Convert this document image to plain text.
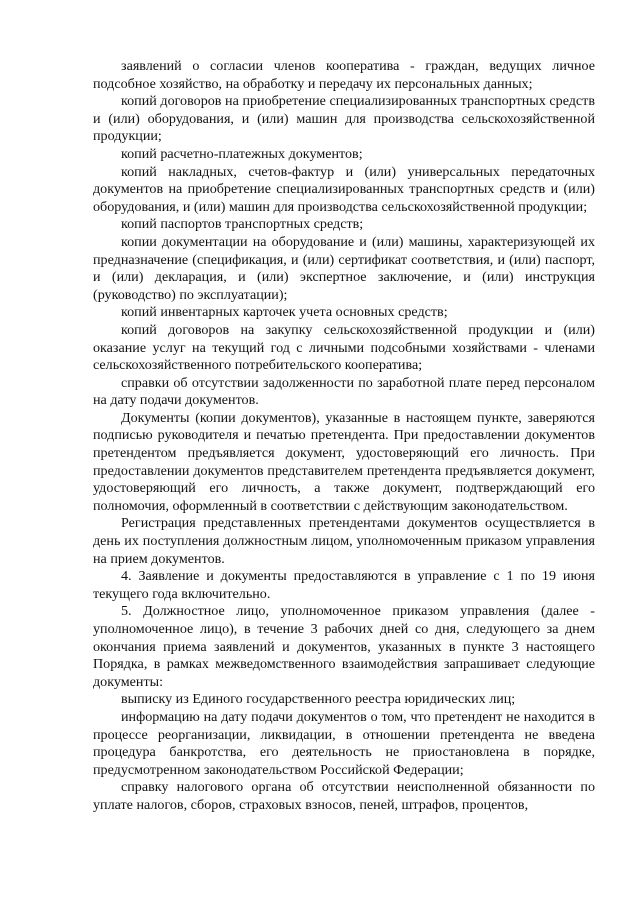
заявлений о согласии членов кооператива - граждан, ведущих личное подсобное хозяйство, на обработку и передачу их персональных данных;

копий договоров на приобретение специализированных транспортных средств и (или) оборудования, и (или) машин для производства сельскохозяйственной продукции;

копий расчетно-платежных документов;

копий накладных, счетов-фактур и (или) универсальных передаточных документов на приобретение специализированных транспортных средств и (или) оборудования, и (или) машин для производства сельскохозяйственной продукции;

копий паспортов транспортных средств;

копии документации на оборудование и (или) машины, характеризующей их предназначение (спецификация, и (или) сертификат соответствия, и (или) паспорт, и (или) декларация, и (или) экспертное заключение, и (или) инструкция (руководство) по эксплуатации);

копий инвентарных карточек учета основных средств;

копий договоров на закупку сельскохозяйственной продукции и (или) оказание услуг на текущий год с личными подсобными хозяйствами - членами сельскохозяйственного потребительского кооператива;

справки об отсутствии задолженности по заработной плате перед персоналом на дату подачи документов.

Документы (копии документов), указанные в настоящем пункте, заверяются подписью руководителя и печатью претендента. При предоставлении документов претендентом предъявляется документ, удостоверяющий его личность. При предоставлении документов представителем претендента предъявляется документ, удостоверяющий его личность, а также документ, подтверждающий его полномочия, оформленный в соответствии с действующим законодательством.

Регистрация представленных претендентами документов осуществляется в день их поступления должностным лицом, уполномоченным приказом управления на прием документов.

4. Заявление и документы предоставляются в управление с 1 по 19 июня текущего года включительно.

5. Должностное лицо, уполномоченное приказом управления (далее - уполномоченное лицо), в течение 3 рабочих дней со дня, следующего за днем окончания приема заявлений и документов, указанных в пункте 3 настоящего Порядка, в рамках межведомственного взаимодействия запрашивает следующие документы:

выписку из Единого государственного реестра юридических лиц;

информацию на дату подачи документов о том, что претендент не находится в процессе реорганизации, ликвидации, в отношении претендента не введена процедура банкротства, его деятельность не приостановлена в порядке, предусмотренном законодательством Российской Федерации;

справку налогового органа об отсутствии неисполненной обязанности по уплате налогов, сборов, страховых взносов, пеней, штрафов, процентов,
